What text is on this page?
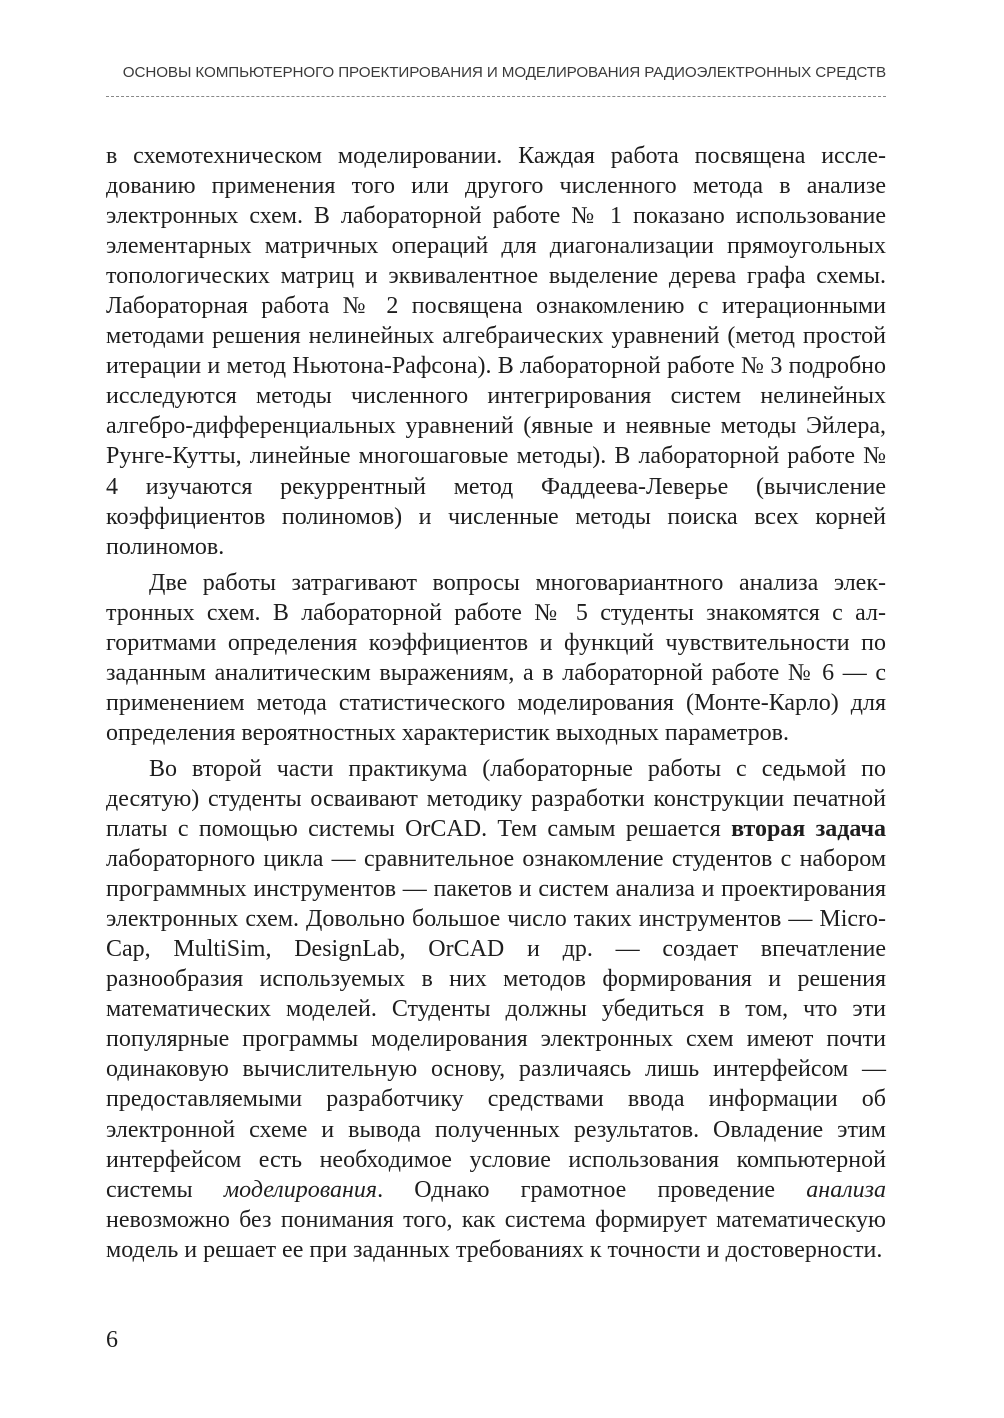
ОСНОВЫ КОМПЬЮТЕРНОГО ПРОЕКТИРОВАНИЯ И МОДЕЛИРОВАНИЯ РАДИОЭЛЕКТРОННЫХ СРЕДСТВ

в схемотехническом моделировании. Каждая работа посвящена исследованию применения того или другого численного метода в анализе электронных схем. В лабораторной работе № 1 показано использование элементарных матричных операций для диагонализации прямоугольных топологических матриц и эквивалентное выделение дерева графа схемы. Лабораторная работа № 2 посвящена ознакомлению с итерационными методами решения нелинейных алгебраических уравнений (метод простой итерации и метод Ньютона-Рафсона). В лабораторной работе № 3 подробно исследуются методы численного интегрирования систем нелинейных алгебро-дифференциальных уравнений (явные и неявные методы Эйлера, Рунге-Кутты, линейные многошаговые методы). В лабораторной работе № 4 изучаются рекуррентный метод Фаддеева-Леверье (вычисление коэффициентов полиномов) и численные методы поиска всех корней полиномов.

Две работы затрагивают вопросы многовариантного анализа электронных схем. В лабораторной работе № 5 студенты знакомятся с алгоритмами определения коэффициентов и функций чувствительности по заданным аналитическим выражениям, а в лабораторной работе № 6 — с применением метода статистического моделирования (Монте-Карло) для определения вероятностных характеристик выходных параметров.

Во второй части практикума (лабораторные работы с седьмой по десятую) студенты осваивают методику разработки конструкции печатной платы с помощью системы OrCAD. Тем самым решается вторая задача лабораторного цикла — сравнительное ознакомление студентов с набором программных инструментов — пакетов и систем анализа и проектирования электронных схем. Довольно большое число таких инструментов — Micro-Cap, MultiSim, DesignLab, OrCAD и др. — создает впечатление разнообразия используемых в них методов формирования и решения математических моделей. Студенты должны убедиться в том, что эти популярные программы моделирования электронных схем имеют почти одинаковую вычислительную основу, различаясь лишь интерфейсом — предоставляемыми разработчику средствами ввода информации об электронной схеме и вывода полученных результатов. Овладение этим интерфейсом есть необходимое условие использования компьютерной системы моделирования. Однако грамотное проведение анализа невозможно без понимания того, как система формирует математическую модель и решает ее при заданных требованиях к точности и достоверности.

6
